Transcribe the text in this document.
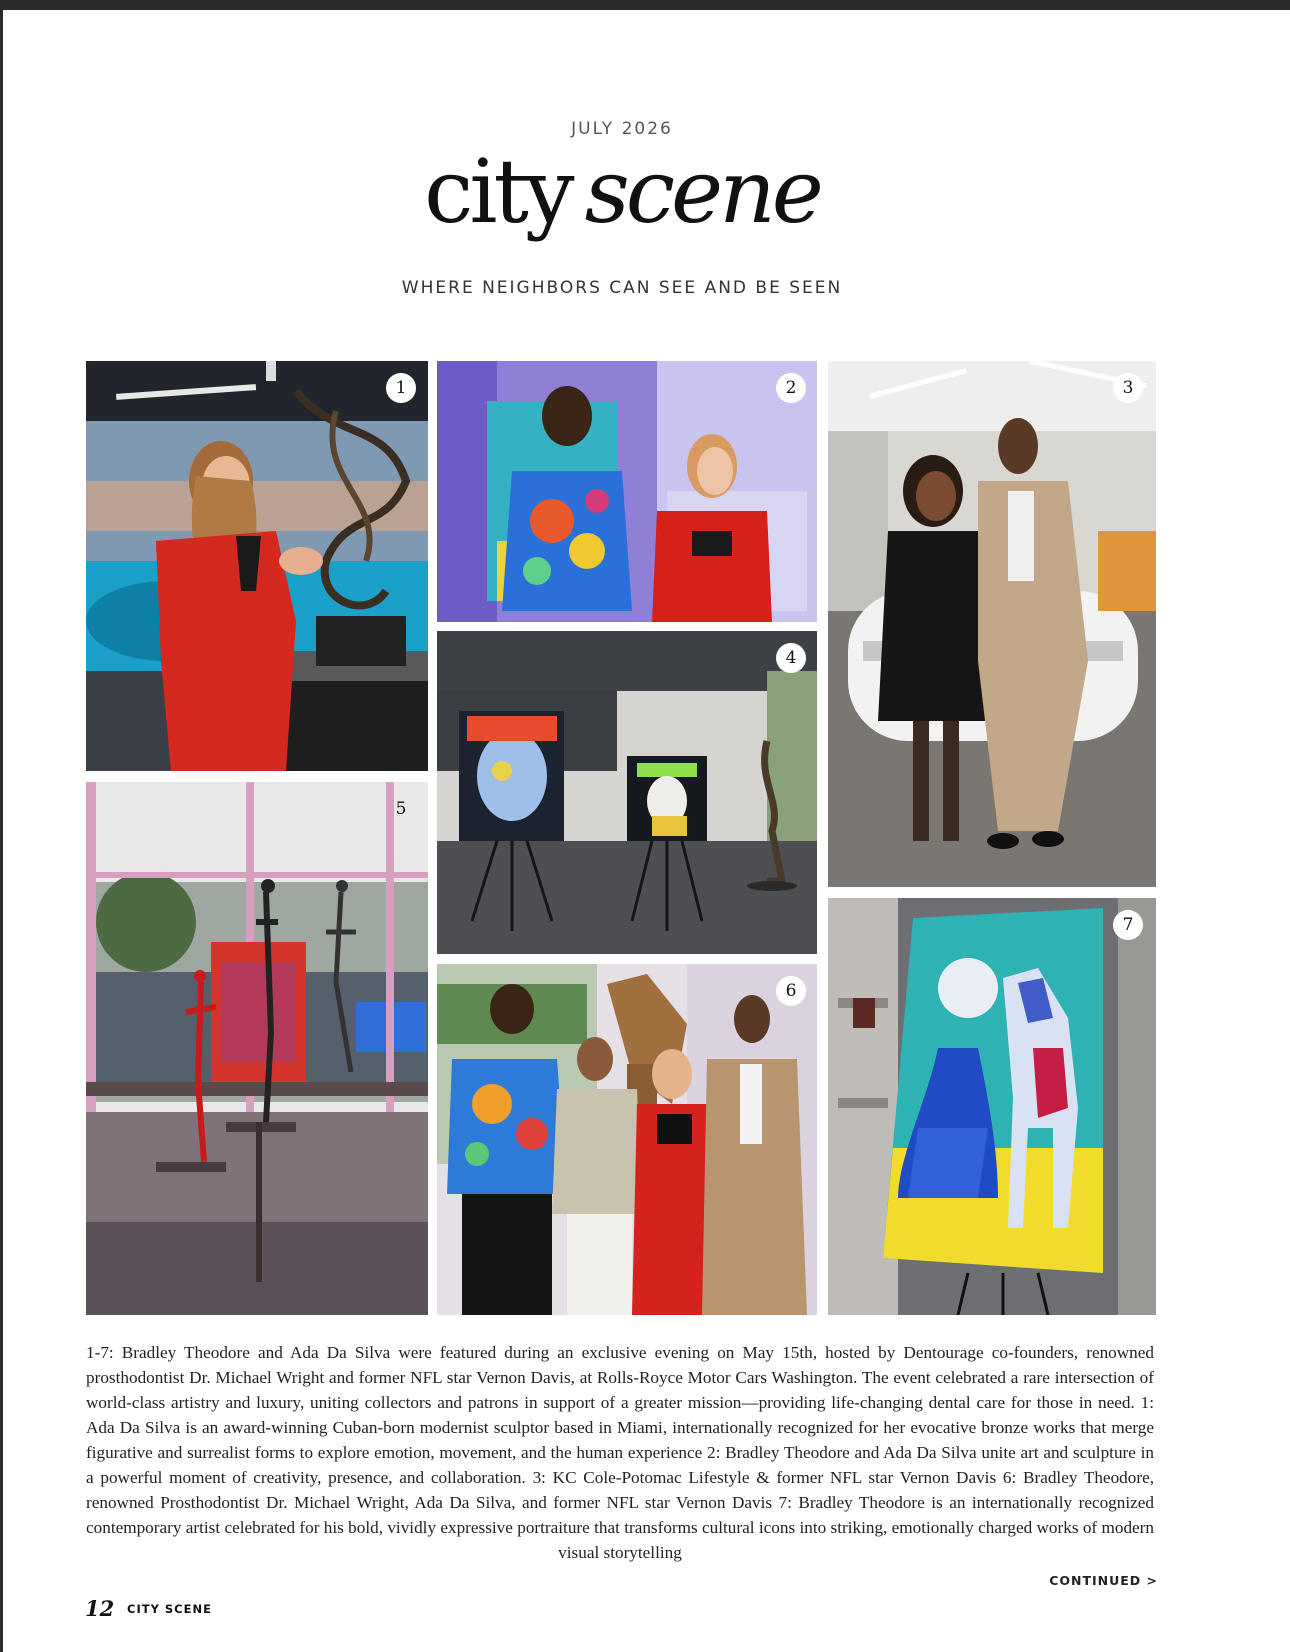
JULY 2026
city scene
WHERE NEIGHBORS CAN SEE AND BE SEEN
1	2	3
4
5
6
7
1-7: Bradley Theodore and Ada Da Silva were featured during an exclusive evening on May 15th, hosted by Dentourage co-founders, renowned prosthodontist Dr. Michael Wright and former NFL star Vernon Davis, at Rolls-Royce Motor Cars Washington. The event celebrated a rare intersection of world-class artistry and luxury, uniting collectors and patrons in support of a greater mission—providing life-changing dental care for those in need. 1: Ada Da Silva is an award-winning Cuban-born modernist sculptor based in Miami, internationally recognized for her evocative bronze works that merge figurative and surrealist forms to explore emotion, movement, and the human experience 2: Bradley Theodore and Ada Da Silva unite art and sculpture in a powerful moment of creativity, presence, and collaboration. 3: KC Cole-Potomac Lifestyle & former NFL star Vernon Davis 6: Bradley Theodore, renowned Prosthodontist Dr. Michael Wright, Ada Da Silva, and former NFL star Vernon Davis 7: Bradley Theodore is an internationally recognized contemporary artist celebrated for his bold, vividly expressive portraiture that transforms cultural icons into striking, emotionally charged works of modern visual storytelling
CONTINUED >
12 CITY SCENE
